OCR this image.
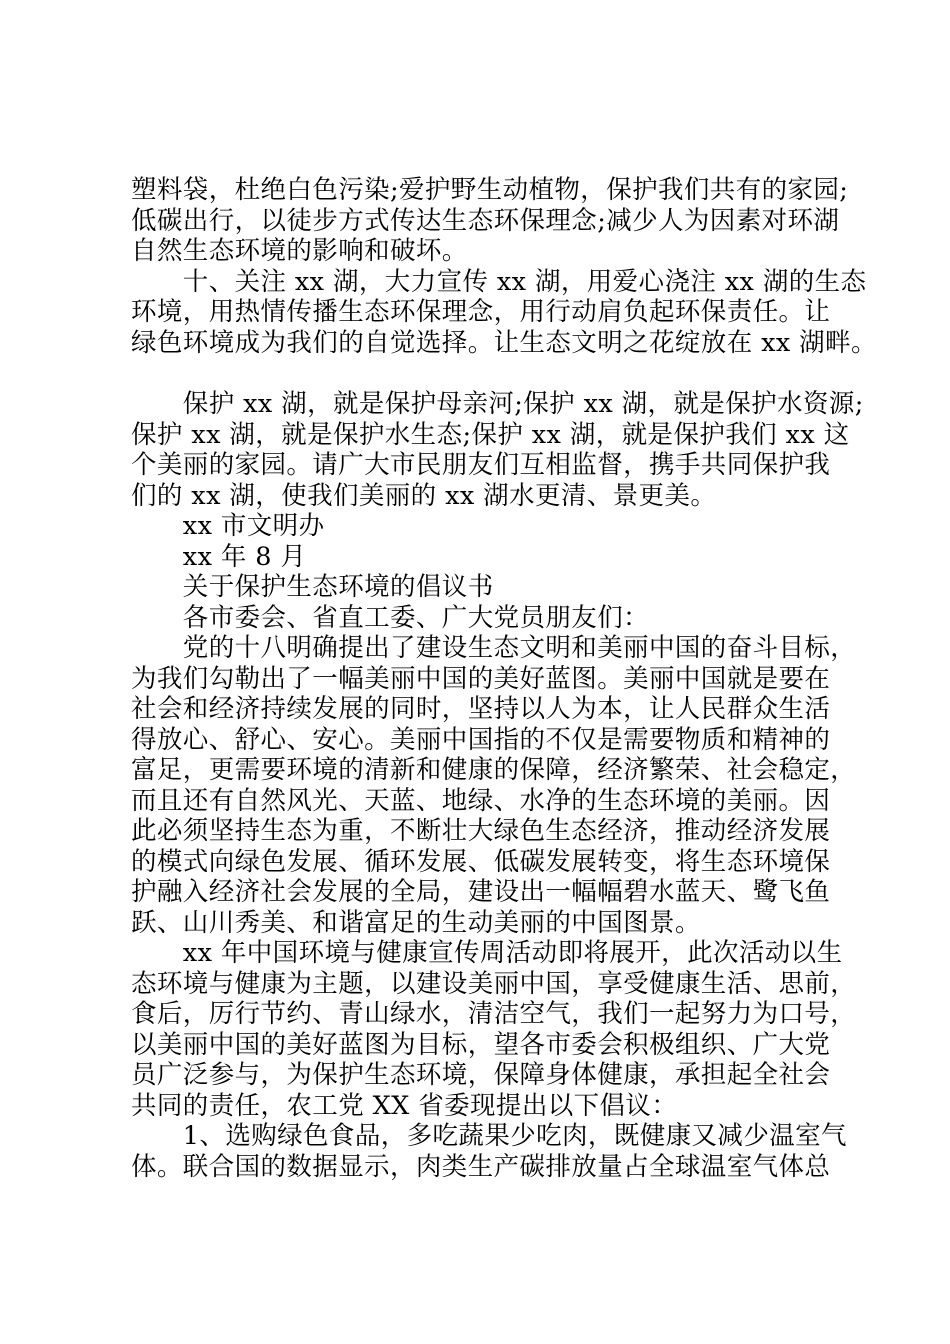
塑料袋，杜绝白色污染;爱护野生动植物，保护我们共有的家园;
低碳出行，以徒步方式传达生态环保理念;减少人为因素对环湖
自然生态环境的影响和破坏。
　　十、关注 xx 湖，大力宣传 xx 湖，用爱心浇注 xx 湖的生态
环境，用热情传播生态环保理念，用行动肩负起环保责任。让
绿色环境成为我们的自觉选择。让生态文明之花绽放在 xx 湖畔。
　　保护 xx 湖，就是保护母亲河;保护 xx 湖，就是保护水资源;
保护 xx 湖，就是保护水生态;保护 xx 湖，就是保护我们 xx 这
个美丽的家园。请广大市民朋友们互相监督，携手共同保护我
们的 xx 湖，使我们美丽的 xx 湖水更清、景更美。
　　xx 市文明办
　　xx 年 8 月
　　关于保护生态环境的倡议书
　　各市委会、省直工委、广大党员朋友们：
　　党的十八明确提出了建设生态文明和美丽中国的奋斗目标，
为我们勾勒出了一幅美丽中国的美好蓝图。美丽中国就是要在
社会和经济持续发展的同时，坚持以人为本，让人民群众生活
得放心、舒心、安心。美丽中国指的不仅是需要物质和精神的
富足，更需要环境的清新和健康的保障，经济繁荣、社会稳定，
而且还有自然风光、天蓝、地绿、水净的生态环境的美丽。因
此必须坚持生态为重，不断壮大绿色生态经济，推动经济发展
的模式向绿色发展、循环发展、低碳发展转变，将生态环境保
护融入经济社会发展的全局，建设出一幅幅碧水蓝天、鹭飞鱼
跃、山川秀美、和谐富足的生动美丽的中国图景。
　　xx 年中国环境与健康宣传周活动即将展开，此次活动以生
态环境与健康为主题，以建设美丽中国，享受健康生活、思前，
食后，厉行节约、青山绿水，清洁空气，我们一起努力为口号，
以美丽中国的美好蓝图为目标，望各市委会积极组织、广大党
员广泛参与，为保护生态环境，保障身体健康，承担起全社会
共同的责任，农工党 XX 省委现提出以下倡议：
　　1、选购绿色食品，多吃蔬果少吃肉，既健康又减少温室气
体。联合国的数据显示，肉类生产碳排放量占全球温室气体总
